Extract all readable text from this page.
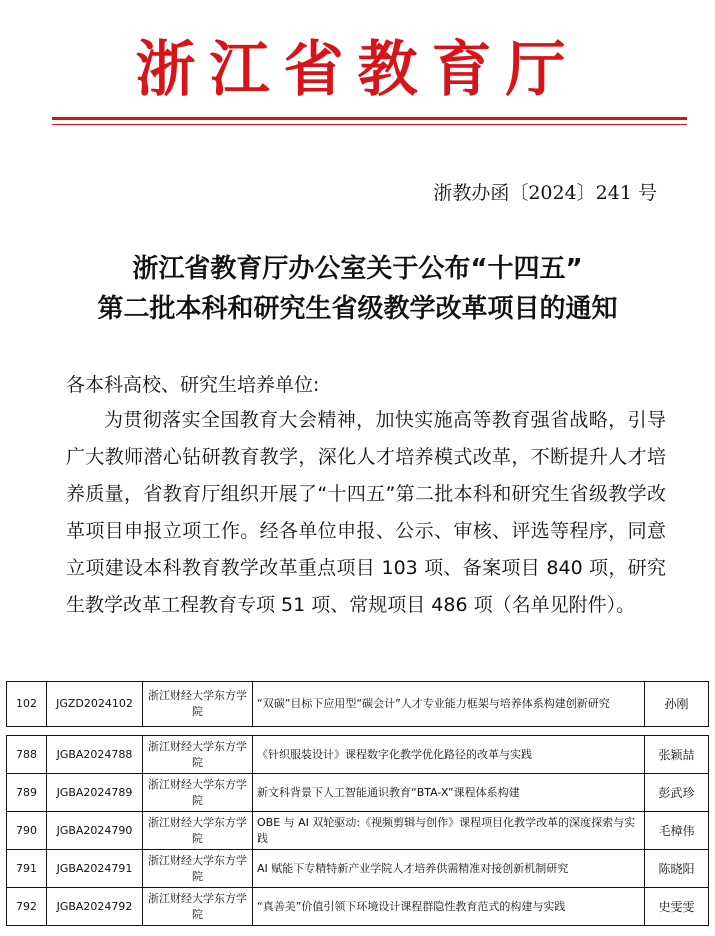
浙江省教育厅
浙教办函〔2024〕241 号
浙江省教育厅办公室关于公布“十四五”
第二批本科和研究生省级教学改革项目的通知
各本科高校、研究生培养单位:
为贯彻落实全国教育大会精神，加快实施高等教育强省战略，引导广大教师潜心钻研教育教学，深化人才培养模式改革，不断提升人才培养质量，省教育厅组织开展了“十四五”第二批本科和研究生省级教学改革项目申报立项工作。经各单位申报、公示、审核、评选等程序，同意立项建设本科教育教学改革重点项目 103 项、备案项目 840 项，研究生教学改革工程教育专项 51 项、常规项目 486 项（名单见附件）。
102	JGZD2024102	浙江财经大学东方学院	“双碳”目标下应用型“碳会计”人才专业能力框架与培养体系构建创新研究	孙刚

788	JGBA2024788	浙江财经大学东方学院	《针织服装设计》课程数字化教学优化路径的改革与实践	张颖喆
789	JGBA2024789	浙江财经大学东方学院	新文科背景下人工智能通识教育“BTA-X”课程体系构建	彭武珍
790	JGBA2024790	浙江财经大学东方学院	OBE 与 AI 双轮驱动:《视频剪辑与创作》课程项目化教学改革的深度探索与实践	毛樟伟
791	JGBA2024791	浙江财经大学东方学院	AI 赋能下专精特新产业学院人才培养供需精准对接创新机制研究	陈晓阳
792	JGBA2024792	浙江财经大学东方学院	“真善美”价值引领下环境设计课程群隐性教育范式的构建与实践	史雯雯
